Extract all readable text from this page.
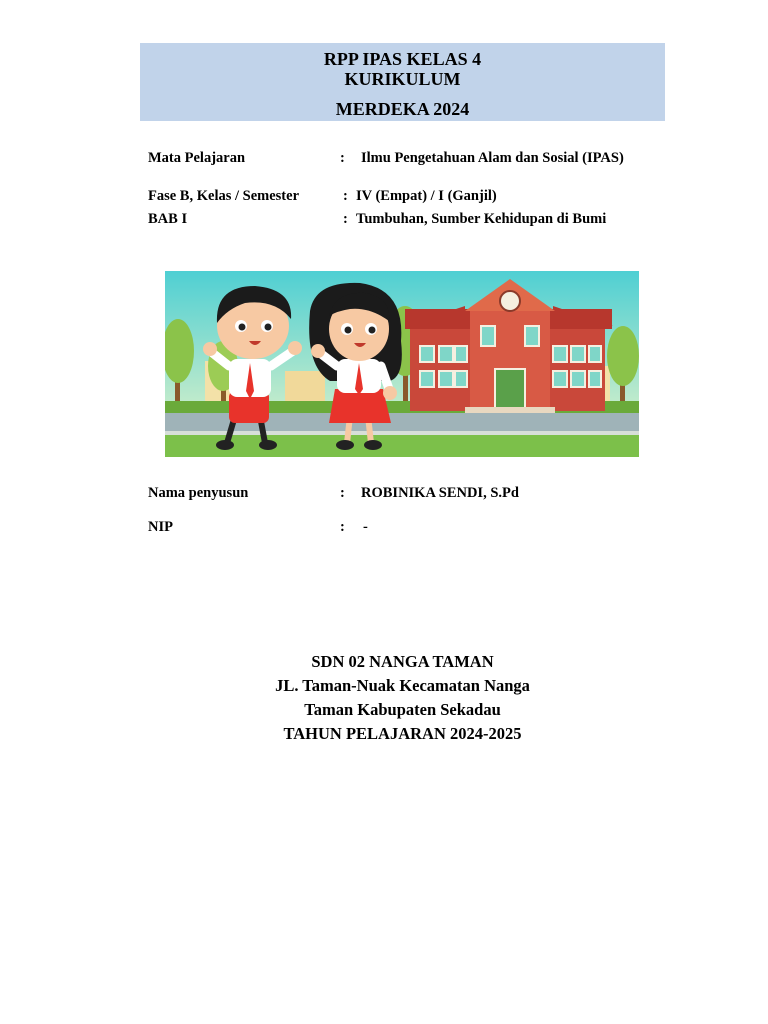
RPP IPAS KELAS 4
KURIKULUM
MERDEKA 2024
Mata Pelajaran	: Ilmu Pengetahuan Alam dan Sosial (IPAS)
Fase B, Kelas / Semester	: IV (Empat) / I (Ganjil)
BAB I	: Tumbuhan, Sumber Kehidupan di Bumi
Nama penyusun	: ROBINIKA SENDI, S.Pd
NIP	: -
SDN 02 NANGA TAMAN
JL. Taman-Nuak Kecamatan Nanga
Taman Kabupaten Sekadau
TAHUN PELAJARAN 2024-2025
